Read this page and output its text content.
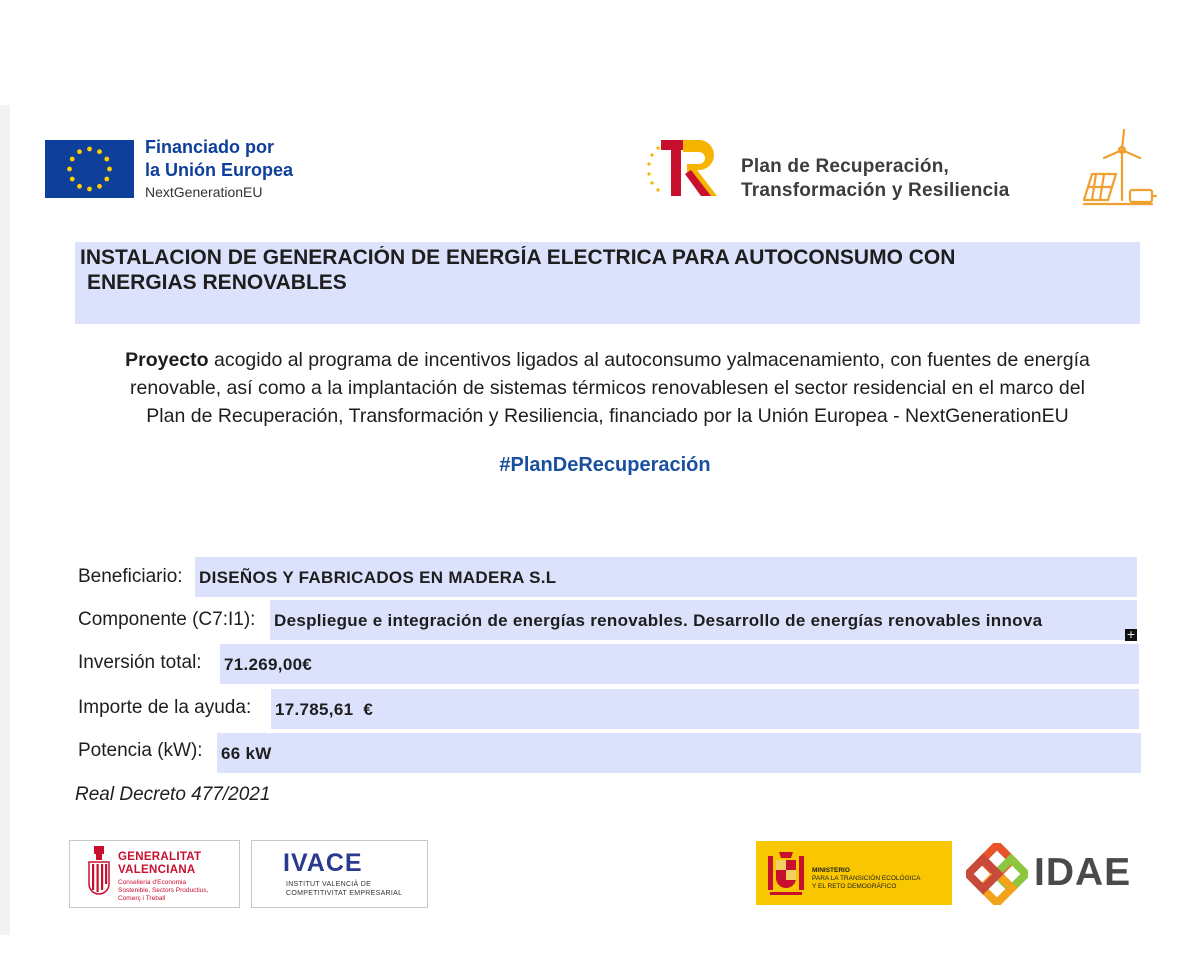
Financiado por
la Unión Europea
NextGenerationEU
Plan de Recuperación,
Transformación y Resiliencia
INSTALACION DE GENERACIÓN DE ENERGÍA ELECTRICA PARA AUTOCONSUMO CON
ENERGIAS RENOVABLES
Proyecto acogido al programa de incentivos ligados al autoconsumo yalmacenamiento, con fuentes de energía
renovable, así como a la implantación de sistemas térmicos renovablesen el sector residencial en el marco del
Plan de Recuperación, Transformación y Resiliencia, financiado por la Unión Europea - NextGenerationEU
#PlanDeRecuperación
Beneficiario: DISEÑOS Y FABRICADOS EN MADERA S.L
Componente (C7:I1): Despliegue e integración de energías renovables. Desarrollo de energías renovables innova
+
Inversión total: 71.269,00€
Importe de la ayuda: 17.785,61  €
Potencia (kW): 66 kW
Real Decreto 477/2021
GENERALITAT
VALENCIANA
Conselleria d'Economia
Sostenible, Sectors Productius,
Comerç i Treball
IVACE
INSTITUT VALENCIÀ DE
COMPETITIVITAT EMPRESARIAL
MINISTERIO
PARA LA TRANSICIÓN ECOLÓGICA
Y EL RETO DEMOGRÁFICO	IDAE
